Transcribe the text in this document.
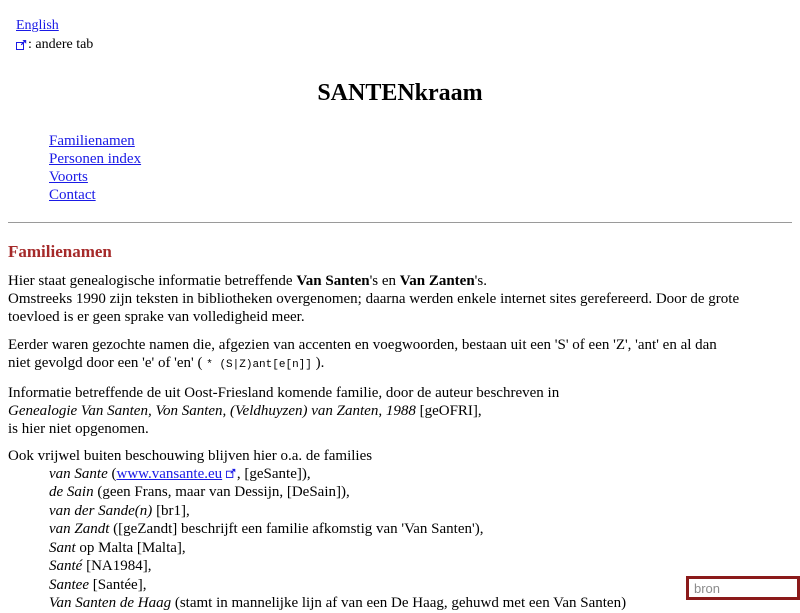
English
: andere tab
SANTENkraam
Familienamen
Personen index
Voorts
Contact
Familienamen

Hier staat genealogische informatie betreffende Van Santen's en Van Zanten's.
Omstreeks 1990 zijn teksten in bibliotheken overgenomen; daarna werden enkele internet sites gerefereerd. Door de grote
toevloed is er geen sprake van volledigheid meer.

Eerder waren gezochte namen die, afgezien van accenten en voegwoorden, bestaan uit een 'S' of een 'Z', 'ant' en al dan
niet gevolgd door een 'e' of 'en' ( * (S|Z)ant[e[n]] ).

Informatie betreffende de uit Oost-Friesland komende familie, door de auteur beschreven in
Genealogie Van Santen, Von Santen, (Veldhuyzen) van Zanten, 1988 [geOFRI],
is hier niet opgenomen.

Ook vrijwel buiten beschouwing blijven hier o.a. de families

van Sante (www.vansante.eu , [geSante]),
de Sain (geen Frans, maar van Dessijn, [DeSain]),
van der Sande(n) [br1],
van Zandt ([geZandt] beschrijft een familie afkomstig van 'Van Santen'),
Sant op Malta [Malta],
Santé [NA1984],
Santee [Santée],
Van Santen de Haag (stamt in mannelijke lijn af van een De Haag, gehuwd met een Van Santen)
bron
